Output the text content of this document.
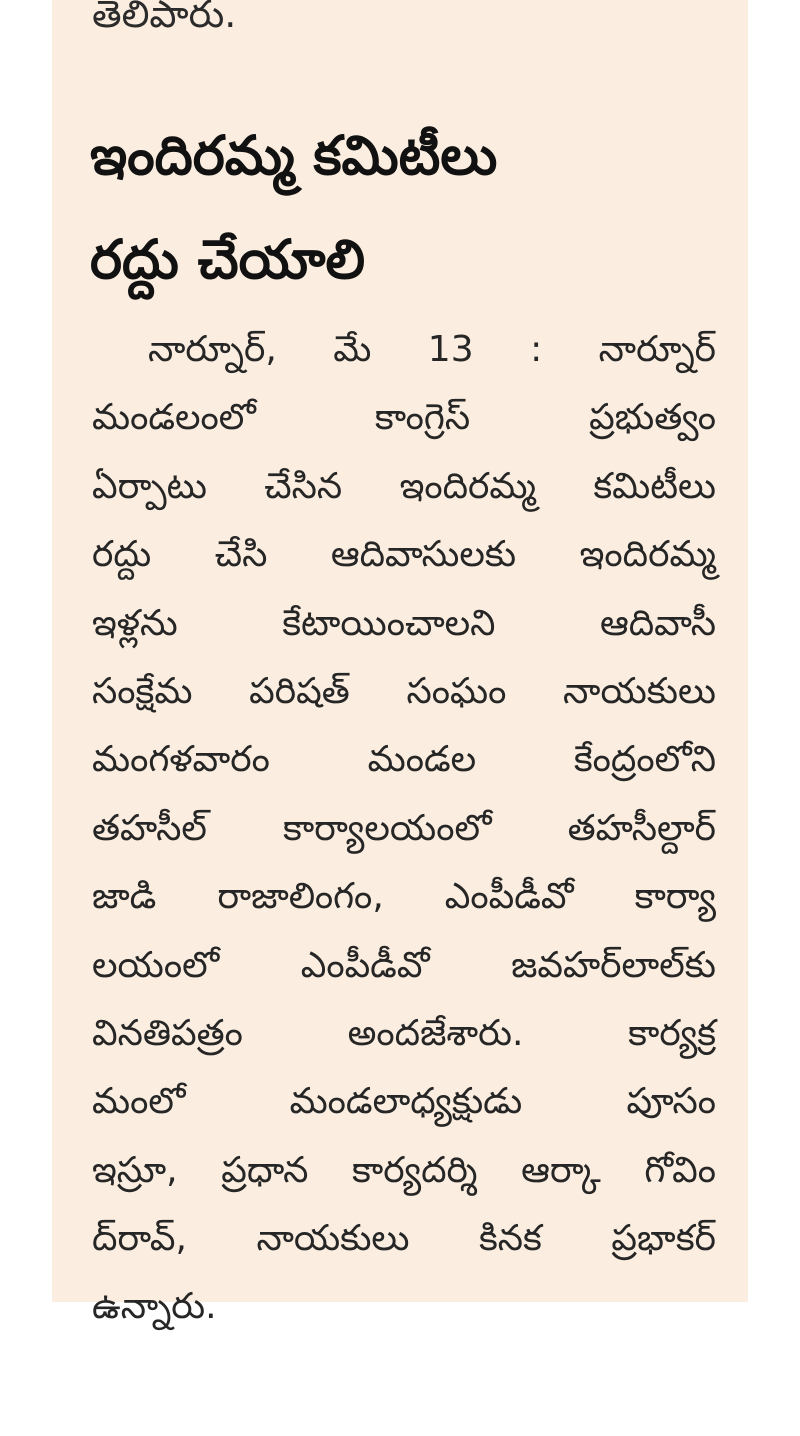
తెలిపారు.

ఇందిరమ్మ కమిటీలు
రద్దు చేయాలి
నార్నూర్, మే 13 : నార్నూర్
మండలంలో కాంగ్రెస్ ప్రభుత్వం
ఏర్పాటు చేసిన ఇందిరమ్మ కమిటీలు
రద్దు చేసి ఆదివాసులకు ఇందిరమ్మ
ఇళ్లను కేటాయించాలని ఆదివాసీ
సంక్షేమ పరిషత్ సంఘం నాయకులు
మంగళవారం మండల కేంద్రంలోని
తహసీల్ కార్యాలయంలో తహసీల్దార్
జాడి రాజాలింగం, ఎంపీడీవో కార్యా
లయంలో ఎంపీడీవో జవహర్‌లాల్‌కు
వినతిపత్రం అందజేశారు. కార్యక్ర
మంలో మండలాధ్యక్షుడు పూసం
ఇస్రూ, ప్రధాన కార్యదర్శి ఆర్కా గోవిం
ద్‌రావ్, నాయకులు కినక ప్రభాకర్
ఉన్నారు.
